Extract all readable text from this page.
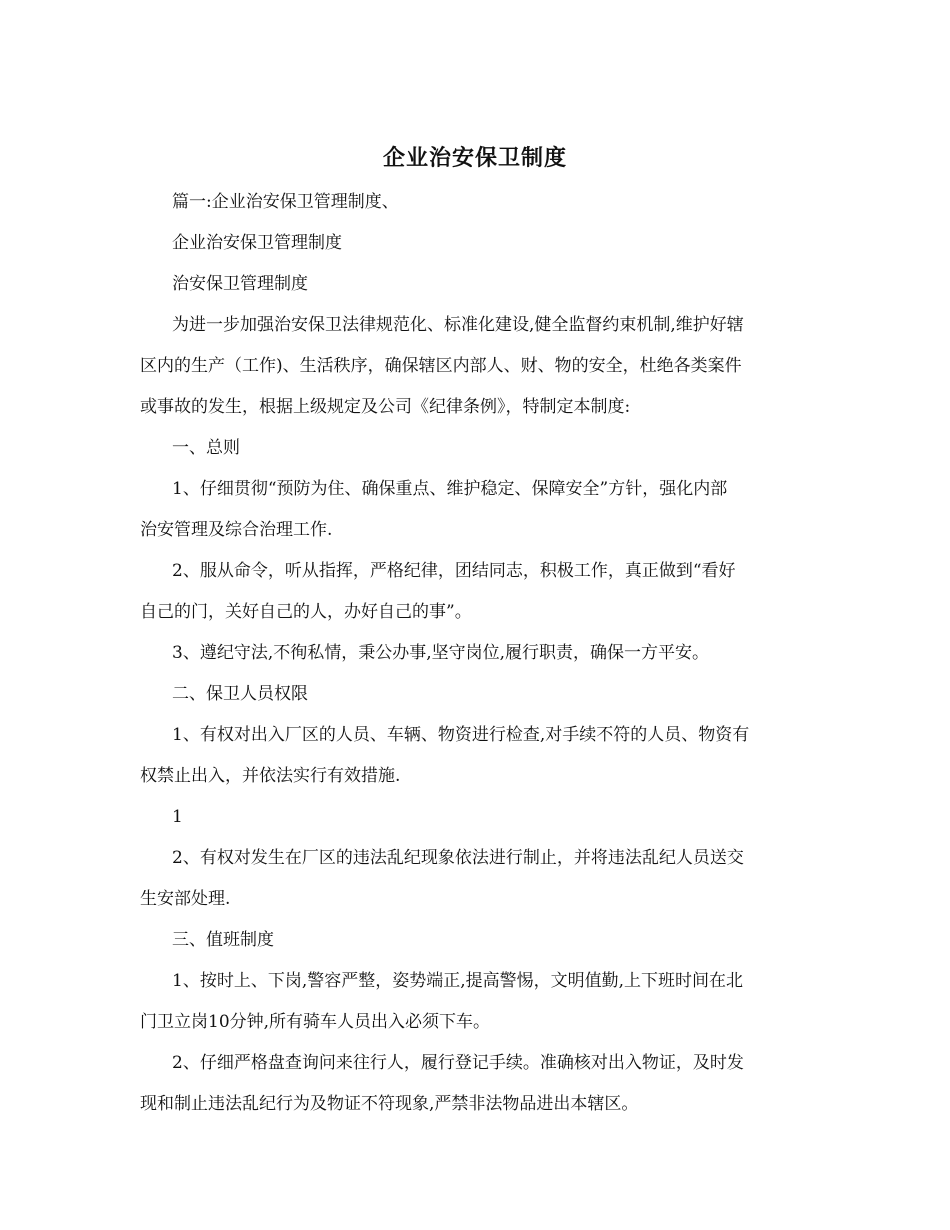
企业治安保卫制度

篇一:企业治安保卫管理制度、

企业治安保卫管理制度

治安保卫管理制度

为进一步加强治安保卫法律规范化、标准化建设,健全监督约束机制,维护好辖

区内的生产（工作)、生活秩序，确保辖区内部人、财、物的安全，杜绝各类案件

或事故的发生，根据上级规定及公司《纪律条例》，特制定本制度:

一、总则

1、仔细贯彻“预防为住、确保重点、维护稳定、保障安全”方针，强化内部

治安管理及综合治理工作.

2、服从命令，听从指挥，严格纪律，团结同志，积极工作，真正做到“看好

自己的门，关好自己的人，办好自己的事”。

3、遵纪守法,不徇私情，秉公办事,坚守岗位,履行职责，确保一方平安。

二、保卫人员权限

1、有权对出入厂区的人员、车辆、物资进行检查,对手续不符的人员、物资有

权禁止出入，并依法实行有效措施.

1

2、有权对发生在厂区的违法乱纪现象依法进行制止，并将违法乱纪人员送交

生安部处理.

三、值班制度

1、按时上、下岗,警容严整，姿势端正,提高警惕，文明值勤,上下班时间在北

门卫立岗10分钟,所有骑车人员出入必须下车。

2、仔细严格盘查询问来往行人，履行登记手续。准确核对出入物证，及时发

现和制止违法乱纪行为及物证不符现象,严禁非法物品进出本辖区。
